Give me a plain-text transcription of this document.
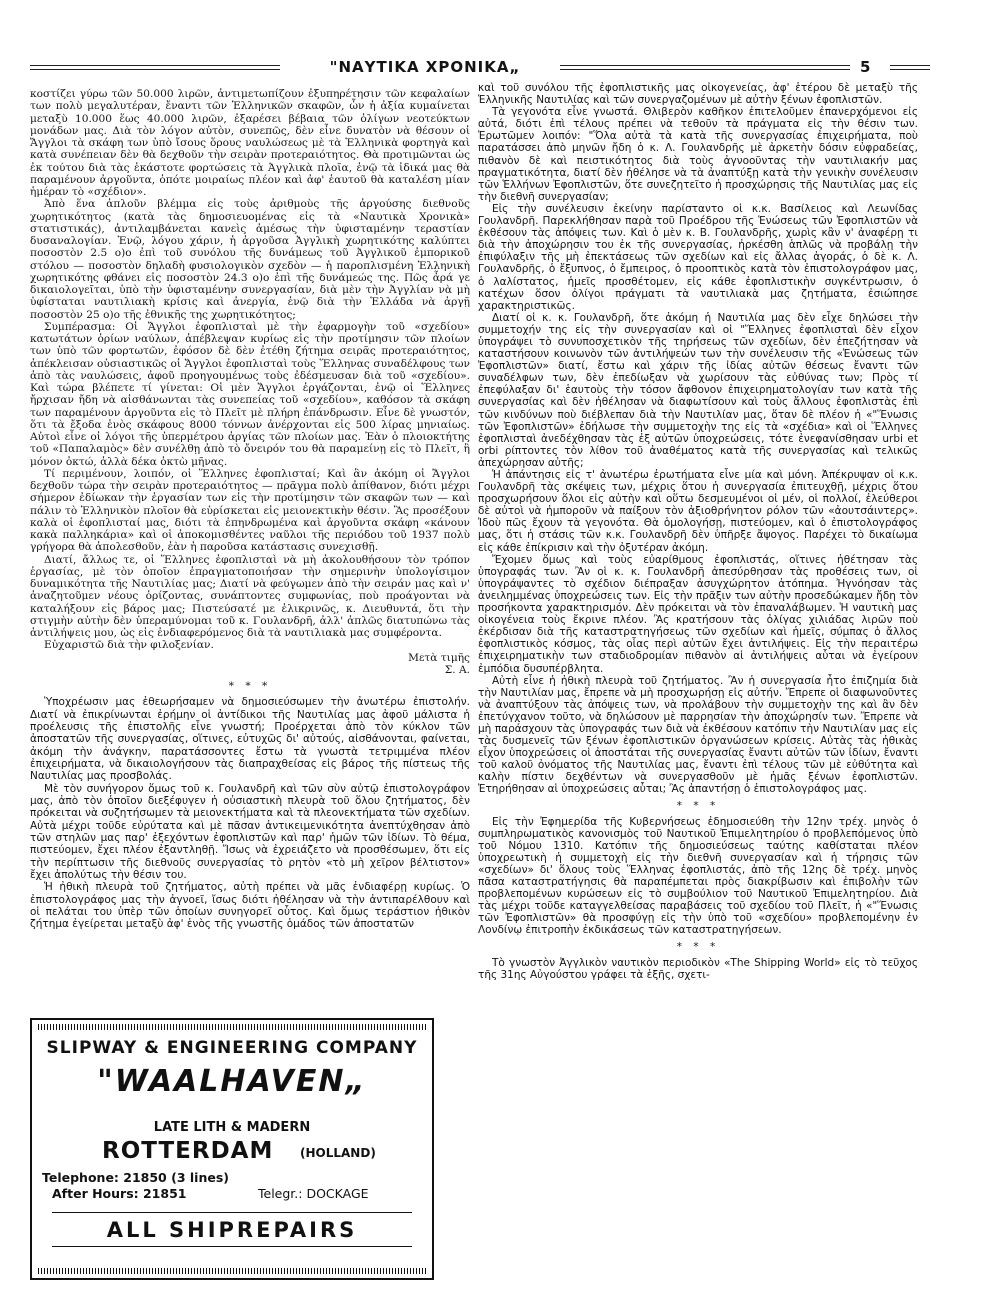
"ΝΑΥΤΙΚΑ ΧΡΟΝΙΚΑ„	5

κοστίζει γύρω τῶν 50.000 λιρῶν, ἀντιμετωπίζουν ἐξυπηρέτησιν τῶν κεφαλαίων των πολὺ μεγαλυτέραν, ἔναντι τῶν Ἑλληνικῶν σκαφῶν, ὧν ἡ ἀξία κυμαίνεται μεταξὺ 10.000 ἕως 40.000 λιρῶν, ἐξαρέσει βέβαια τῶν ὀλίγων νεοτεύκτων μονάδων μας. Διὰ τὸν λόγον αὐτὸν, συνεπῶς, δὲν εἶνε δυνατὸν νὰ θέσουν οἱ Ἄγγλοι τὰ σκάφη των ὑπὸ ἴσους ὅρους ναυλώσεως μὲ τὰ Ἑλληνικὰ φορτηγὰ καὶ κατὰ συνέπειαν δὲν θὰ δεχθοῦν τὴν σειρὰν προτεραιότητος. Θὰ προτιμῶνται ὡς ἐκ τούτου διὰ τὰς ἑκάστοτε φορτώσεις τὰ Ἀγγλικὰ πλοῖα, ἐνῷ τὰ ἰδικά μας θὰ παραμένουν ἀργοῦντα, ὁπότε μοιραίως πλέον καὶ ἀφ' ἑαυτοῦ θὰ καταλέση μίαν ἡμέραν τὸ «σχέδιον».

Ἀπὸ ἕνα ἁπλοῦν βλέμμα εἰς τοὺς ἀριθμοὺς τῆς ἀργούσης διεθνοῦς χωρητικότητος (κατὰ τὰς δημοσιευομένας εἰς τὰ «Ναυτικὰ Χρονικὰ» στατιστικάς), ἀντιλαμβάνεται κανεὶς ἀμέσως τὴν ὑφισταμένην τεραστίαν δυσαναλογίαν. Ἐνῷ, λόγου χάριν, ἡ ἀργοῦσα Ἀγγλικὴ χωρητικότης καλύπτει ποσοστὸν 2.5 ο)ο ἐπὶ τοῦ συνόλου τῆς δυνάμεως τοῦ Ἀγγλικοῦ ἐμπορικοῦ στόλου — ποσοστὸν δηλαδὴ φυσιολογικὸν σχεδὸν — ἡ παροπλισμένη Ἑλληνικὴ χωρητικότης φθάνει εἰς ποσοστὸν 24.3 ο)ο ἐπὶ τῆς δυνάμεώς της. Πῶς ἆρά γε δικαιολογεῖται, ὑπὸ τὴν ὑφισταμένην συνεργασίαν, διὰ μὲν τὴν Ἀγγλίαν νὰ μὴ ὑφίσταται ναυτιλιακὴ κρίσις καὶ ἀνεργία, ἐνῷ διὰ τὴν Ἑλλάδα νὰ ἀργῇ ποσοστὸν 25 ο)ο τῆς ἐθνικῆς της χωρητικότητος;

Συμπέρασμα: Οἱ Ἄγγλοι ἐφοπλισταὶ μὲ τὴν ἐφαρμογὴν τοῦ «σχεδίου» κατωτάτων ὁρίων ναύλων, ἀπέβλεψαν κυρίως εἰς τὴν προτίμησιν τῶν πλοίων των ὑπὸ τῶν φορτωτῶν, ἐφόσον δὲ δὲν ἐτέθη ζήτημα σειρᾶς προτεραιότητος, ἀπέκλεισαν οὐσιαστικῶς οἱ Ἄγγλοι ἐφοπλισταὶ τοὺς Ἕλληνας συναδέλφους των ἀπὸ τὰς ναυλώσεις, ἀφοῦ προηγουμένως τοὺς ἐδέσμευσαν διὰ τοῦ «σχεδίου». Καὶ τώρα βλέπετε τί γίνεται: Οἱ μὲν Ἄγγλοι ἐργάζονται, ἐνῷ οἱ Ἕλληνες ἤρχισαν ἤδη νὰ αἰσθάνωνται τὰς συνεπείας τοῦ «σχεδίου», καθόσον τὰ σκάφη των παραμένουν ἀργοῦντα εἰς τὸ Πλεῖτ μὲ πλήρη ἐπάνδρωσιν. Εἶνε δὲ γνωστόν, ὅτι τὰ ἔξοδα ἑνὸς σκάφους 8000 τόννων ἀνέρχονται εἰς 500 λίρας μηνιαίως. Αὐτοὶ εἶνε οἱ λόγοι τῆς ὑπερμέτρου ἀργίας τῶν πλοίων μας. Ἐὰν ὁ πλοιοκτήτης τοῦ «Παπαλαμὸς» δὲν συνέλθῃ ἀπὸ τὸ ὄνειρόν του θὰ παραμείνῃ εἰς τὸ Πλεῖτ, ἢ μόνον ὀκτώ, ἀλλὰ δέκα ὀκτὼ μῆνας.

Τί περιμένουν, λοιπόν, οἱ Ἕλληνες ἐφοπλισταί; Καὶ ἂν ἀκόμη οἱ Ἄγγλοι δεχθοῦν τώρα τὴν σειρὰν προτεραιότητος — πρᾶγμα πολὺ ἀπίθανον, διότι μέχρι σήμερον ἐδίωκαν τὴν ἐργασίαν των εἰς τὴν προτίμησιν τῶν σκαφῶν των — καὶ πάλιν τὸ Ἑλληνικὸν πλοῖον θὰ εὑρίσκεται εἰς μειονεκτικὴν θέσιν. Ἃς προσέξουν καλὰ οἱ ἐφοπλισταί μας, διότι τὰ ἐπηνδρωμένα καὶ ἀργοῦντα σκάφη «κάνουν κακὰ παλληκάρια» καὶ οἱ ἀποκομισθέντες ναῦλοι τῆς περιόδου τοῦ 1937 πολὺ γρήγορα θὰ ἀπολεσθοῦν, ἐὰν ἡ παροῦσα κατάστασις συνεχισθῇ.

Διατί, ἄλλως τε, οἱ Ἕλληνες ἐφοπλισταὶ νὰ μὴ ἀκολουθήσουν τὸν τρόπον ἐργασίας, μὲ τὸν ὁποῖον ἐπραγματοποιήσαν τὴν σημερινὴν ὑπολογίσιμον δυναμικότητα τῆς Ναυτιλίας μας; Διατί νὰ φεύγωμεν ἀπὸ τὴν σειράν μας καὶ ν' ἀναζητοῦμεν νέους ὁρίζοντας, συνάπτοντες συμφωνίας, ποὺ προάγονται νὰ καταλήξουν εἰς βάρος μας; Πιστεύσατέ με ἐλικρινῶς, κ. Διευθυντά, ὅτι τὴν στιγμὴν αὐτὴν δὲν ὑπεραμύνομαι τοῦ κ. Γουλανδρῆ, ἀλλ' ἁπλῶς διατυπώνω τὰς ἀντιλήψεις μου, ὡς εἰς ἐνδιαφερόμενος διὰ τὰ ναυτιλιακὰ μας συμφέροντα.

Εὐχαριστῶ διὰ τὴν φιλοξενίαν.

Μετὰ τιμῆς

Σ. Α.

* * *

Ὑποχρέωσιν μας ἐθεωρήσαμεν νὰ δημοσιεύσωμεν τὴν ἀνωτέρω ἐπιστολήν. Διατί νὰ ἐπικρίνωνται ἐρήμην οἱ ἀντίδικοι τῆς Ναυτιλίας μας ἀφοῦ μάλιστα ἡ προέλευσις τῆς ἐπιστολῆς εἶνε γνωστή; Προέρχεται ἀπὸ τὸν κύκλον τῶν ἀποστατῶν τῆς συνεργασίας, οἵτινες, εὐτυχῶς δι' αὐτούς, αἰσθάνονται, φαίνεται, ἀκόμη τὴν ἀνάγκην, παρατάσσοντες ἔστω τὰ γνωστὰ τετριμμένα πλέον ἐπιχειρήματα, νὰ δικαιολογήσουν τὰς διαπραχθείσας εἰς βάρος τῆς πίστεως τῆς Ναυτιλίας μας προσβολάς.

Μὲ τὸν συνήγορον ὅμως τοῦ κ. Γουλανδρῆ καὶ τῶν σὺν αὐτῷ ἐπιστολογράφον μας, ἀπὸ τὸν ὁποῖον διεξέφυγεν ἡ οὐσιαστικὴ πλευρὰ τοῦ ὅλου ζητήματος, δὲν πρόκειται νὰ συζητήσωμεν τὰ μειονεκτήματα καὶ τὰ πλεονεκτήματα τῶν σχεδίων. Αὐτὰ μέχρι τοῦδε εὐρύτατα καὶ μὲ πᾶσαν ἀντικειμενικότητα ἀνεπτύχθησαν ἀπὸ τῶν στηλῶν μας παρ' ἐξεχόντων ἐφοπλιστῶν καὶ παρ' ἡμῶν τῶν ἰδίων. Τὸ θέμα, πιστεύομεν, ἔχει πλέον ἐξαντληθῇ. Ἴσως νὰ ἐχρειάζετο νὰ προσθέσωμεν, ὅτι εἰς τὴν περίπτωσιν τῆς διεθνοῦς συνεργασίας τὸ ρητὸν «τὸ μὴ χεῖρον βέλτιστον» ἔχει ἀπολύτως τὴν θέσιν του.

Ἡ ἠθικὴ πλευρὰ τοῦ ζητήματος, αὐτὴ πρέπει νὰ μᾶς ἐνδιαφέρῃ κυρίως. Ὁ ἐπιστολογράφος μας τὴν ἀγνοεῖ, ἴσως διότι ἠθέλησαν νὰ τὴν ἀντιπαρέλθουν καὶ οἱ πελάται του ὑπὲρ τῶν ὁποίων συνηγορεῖ οὗτος. Καὶ ὅμως τεράστιον ἠθικὸν ζήτημα ἐγείρεται μεταξὺ ἀφ' ἑνὸς τῆς γνωστῆς ὁμάδος τῶν ἀποστατῶν

καὶ τοῦ συνόλου τῆς ἐφοπλιστικῆς μας οἰκογενείας, ἀφ' ἑτέρου δὲ μεταξὺ τῆς Ἑλληνικῆς Ναυτιλίας καὶ τῶν συνεργαζομένων μὲ αὐτὴν ξένων ἐφοπλιστῶν.

Τὰ γεγονότα εἶνε γνωστά. Θλιβερὸν καθῆκον ἐπιτελοῦμεν ἐπανερχόμενοι εἰς αὐτά, διότι ἐπὶ τέλους πρέπει νὰ τεθοῦν τὰ πράγματα εἰς τὴν θέσιν των. Ἐρωτῶμεν λοιπόν: "Ὅλα αὐτὰ τὰ κατὰ τῆς συνεργασίας ἐπιχειρήματα, ποὺ παρατάσσει ἀπὸ μηνῶν ἤδη ὁ κ. Λ. Γουλανδρῆς μὲ ἀρκετὴν δόσιν εὐφραδείας, πιθανὸν δὲ καὶ πειστικότητος διὰ τοὺς ἀγνοοῦντας τὴν ναυτιλιακήν μας πραγματικότητα, διατί δὲν ἠθέλησε νὰ τὰ ἀναπτύξῃ κατὰ τὴν γενικὴν συνέλευσιν τῶν Ἑλλήνων Ἐφοπλιστῶν, ὅτε συνεζητεῖτο ἡ προσχώρησις τῆς Ναυτιλίας μας εἰς τὴν διεθνῆ συνεργασίαν;

Εἰς τὴν συνέλευσιν ἐκείνην παρίσταντο οἱ κ.κ. Βασίλειος καὶ Λεωνίδας Γουλανδρῆ. Παρεκλήθησαν παρὰ τοῦ Προέδρου τῆς Ἑνώσεως τῶν Ἐφοπλιστῶν νὰ ἐκθέσουν τὰς ἀπόψεις των. Καὶ ὁ μὲν κ. Β. Γουλανδρῆς, χωρὶς κἂν ν' ἀναφέρῃ τι διὰ τὴν ἀποχώρησιν του ἐκ τῆς συνεργασίας, ἠρκέσθη ἁπλῶς νὰ προβάλῃ τὴν ἐπιφύλαξιν τῆς μὴ ἐπεκτάσεως τῶν σχεδίων καὶ εἰς ἄλλας ἀγοράς, ὁ δὲ κ. Λ. Γουλανδρῆς, ὁ ἔξυπνος, ὁ ἔμπειρος, ὁ προοπτικὸς κατὰ τὸν ἐπιστολογράφον μας, ὁ λαλίστατος, ἡμεῖς προσθέτομεν, εἰς κάθε ἐφοπλιστικὴν συγκέντρωσιν, ὁ κατέχων ὅσον ὀλίγοι πράγματι τὰ ναυτιλιακὰ μας ζητήματα, ἐσιώπησε χαρακτηριστικῶς.

Διατί οἱ κ. κ. Γουλανδρῆ, ὅτε ἀκόμη ἡ Ναυτιλία μας δὲν εἶχε δηλώσει τὴν συμμετοχήν της εἰς τὴν συνεργασίαν καὶ οἱ "Ἕλληνες ἐφοπλισταὶ δὲν εἶχον ὑπογράψει τὸ συνυποσχετικὸν τῆς τηρήσεως τῶν σχεδίων, δὲν ἐπεζήτησαν νὰ καταστήσουν κοινωνὸν τῶν ἀντιλήψεών των τὴν συνέλευσιν τῆς «Ἑνώσεως τῶν Ἐφοπλιστῶν» διατί, ἔστω καὶ χάριν τῆς ἰδίας αὐτῶν θέσεως ἔναντι τῶν συναδέλφων των, δὲν ἐπεδίωξαν νὰ χωρίσουν τὰς εὐθύνας των; Πρὸς τί ἐπεφύλαξαν δι' ἑαυτοὺς τὴν τόσον ἄφθονον ἐπιχειρηματολογίαν των κατὰ τῆς συνεργασίας καὶ δὲν ἠθέλησαν νὰ διαφωτίσουν καὶ τοὺς ἄλλους ἐφοπλιστὰς ἐπὶ τῶν κινδύνων ποὺ διέβλεπαν διὰ τὴν Ναυτιλίαν μας, ὅταν δὲ πλέον ἡ «"Ἕνωσις τῶν Ἐφοπλιστῶν» ἐδήλωσε τὴν συμμετοχὴν της εἰς τὰ «σχέδια» καὶ οἱ Ἕλληνες ἐφοπλισταὶ ἀνεδέχθησαν τὰς ἐξ αὐτῶν ὑποχρεώσεις, τότε ἐνεφανίσθησαν urbi et orbi ρίπτοντες τὸν λίθον τοῦ ἀναθέματος κατὰ τῆς συνεργασίας καὶ τελικῶς ἀπεχώρησαν αὐτῆς;

Ἡ ἀπάντησις εἰς τ' ἀνωτέρω ἐρωτήματα εἶνε μία καὶ μόνη. Ἀπέκρυψαν οἱ κ.κ. Γουλανδρῆ τὰς σκέψεις των, μέχρις ὅτου ἡ συνεργασία ἐπιτευχθῇ, μέχρις ὅτου προσχωρήσουν ὅλοι εἰς αὐτὴν καὶ οὕτω δεσμευμένοι οἱ μέν, οἱ πολλοί, ἐλεύθεροι δὲ αὐτοὶ νὰ ἠμποροῦν νὰ παίξουν τὸν ἀξιοθρήνητον ρόλον τῶν «ἀουτσάιντερς». Ἰδοὺ πῶς ἔχουν τὰ γεγονότα. Θὰ ὁμολογήσῃ, πιστεύομεν, καὶ ὁ ἐπιστολογράφος μας, ὅτι ἡ στάσις τῶν κ.κ. Γουλανδρῆ δὲν ὑπῆρξε ἄψογος. Παρέχει τὸ δικαίωμα εἰς κάθε ἐπίκρισιν καὶ τὴν ὀξυτέραν ἀκόμη.

Ἔχομεν ὅμως καὶ τοὺς εὐαρίθμους ἐφοπλιστάς, οἵτινες ἠθέτησαν τὰς ὑπογραφάς των. Ἂν οἱ κ. κ. Γουλανδρῆ ἀπεσύρθησαν τὰς προθέσεις των, οἱ ὑπογράψαντες τὸ σχέδιον διέπραξαν ἀσυγχώρητον ἀτόπημα. Ἠγνόησαν τὰς ἀνειλημμένας ὑποχρεώσεις των. Εἰς τὴν πρᾶξιν των αὐτὴν προσεδώκαμεν ἤδη τὸν προσήκοντα χαρακτηρισμόν. Δὲν πρόκειται νὰ τὸν ἐπαναλάβωμεν. Ἡ ναυτικὴ μας οἰκογένεια τοὺς ἔκρινε πλέον. Ἂς κρατήσουν τὰς ὀλίγας χιλιάδας λιρῶν ποὺ ἐκέρδισαν διὰ τῆς καταστρατηγήσεως τῶν σχεδίων καὶ ἡμεῖς, σύμπας ὁ ἄλλος ἐφοπλιστικὸς κόσμος, τὰς οἷας περὶ αὐτῶν ἔχει ἀντιλήψεις. Εἰς τὴν περαιτέρω ἐπιχειρηματικὴν των σταδιοδρομίαν πιθανὸν αἱ ἀντιλήψεις αὗται νὰ ἐγείρουν ἐμπόδια δυσυπέρβλητα.

Αὐτὴ εἶνε ἡ ἠθικὴ πλευρὰ τοῦ ζητήματος. Ἂν ἡ συνεργασία ἦτο ἐπιζημία διὰ τὴν Ναυτιλίαν μας, ἔπρεπε νὰ μὴ προσχωρήσῃ εἰς αὐτήν. Ἔπρεπε οἱ διαφωνοῦντες νὰ ἀναπτύξουν τὰς ἀπόψεις των, νὰ προλάβουν τὴν συμμετοχὴν της καὶ ἂν δὲν ἐπετύγχανον τοῦτο, νὰ δηλώσουν μὲ παρρησίαν τὴν ἀποχώρησίν των. Ἔπρεπε νὰ μὴ παράσχουν τὰς ὑπογραφάς των διὰ νὰ ἐκθέσουν κατόπιν τὴν Ναυτιλίαν μας εἰς τὰς δυσμενεῖς τῶν ξένων ἐφοπλιστικῶν ὀργανώσεων κρίσεις. Αὐτὰς τὰς ἠθικὰς εἶχον ὑποχρεώσεις οἱ ἀποστάται τῆς συνεργασίας ἔναντι αὐτῶν τῶν ἰδίων, ἔναντι τοῦ καλοῦ ὀνόματος τῆς Ναυτιλίας μας, ἔναντι ἐπὶ τέλους τῶν μὲ εὐθύτητα καὶ καλὴν πίστιν δεχθέντων νὰ συνεργασθοῦν μὲ ἡμᾶς ξένων ἐφοπλιστῶν. Ἐτηρήθησαν αἱ ὑποχρεώσεις αὗται; Ἂς ἀπαντήσῃ ὁ ἐπιστολογράφος μας.

* * *

Εἰς τὴν Ἐφημερίδα τῆς Κυβερνήσεως ἐδημοσιεύθη τὴν 12ην τρέχ. μηνὸς ὁ συμπληρωματικὸς κανονισμὸς τοῦ Ναυτικοῦ Ἐπιμελητηρίου ὁ προβλεπόμενος ὑπὸ τοῦ Νόμου 1310. Κατόπιν τῆς δημοσιεύσεως ταύτης καθίσταται πλέον ὑποχρεωτικὴ ἡ συμμετοχὴ εἰς τὴν διεθνῆ συνεργασίαν καὶ ἡ τήρησις τῶν «σχεδίων» δι' ὅλους τοὺς Ἕλληνας ἐφοπλιστάς, ἀπὸ τῆς 12ης δὲ τρέχ. μηνὸς πᾶσα καταστρατήγησις θὰ παραπέμπεται πρὸς διακρίβωσιν καὶ ἐπιβολὴν τῶν προβλεπομένων κυρώσεων εἰς τὸ συμβούλιον τοῦ Ναυτικοῦ Ἐπιμελητηρίου. Διὰ τὰς μέχρι τοῦδε καταγγελθείσας παραβάσεις τοῦ σχεδίου τοῦ Πλεῖτ, ἡ «"Ἕνωσις τῶν Ἐφοπλιστῶν» θὰ προσφύγῃ εἰς τὴν ὑπὸ τοῦ «σχεδίου» προβλεπομένην ἐν Λονδίνῳ ἐπιτροπὴν ἐκδικάσεως τῶν καταστρατηγήσεων.

* * *

Τὸ γνωστὸν Ἀγγλικὸν ναυτικὸν περιοδικὸν «The Shipping World» εἰς τὸ τεῦχος τῆς 31ης Αὐγούστου γράφει τὰ ἑξῆς, σχετι-

SLIPWAY & ENGINEERING COMPANY
"WAALHAVEN„
LATE LITH & MADERN
ROTTERDAM (HOLLAND)
Telephone: 21850 (3 lines)
After Hours: 21851	Telegr.: DOCKAGE
ALL SHIPREPAIRS
